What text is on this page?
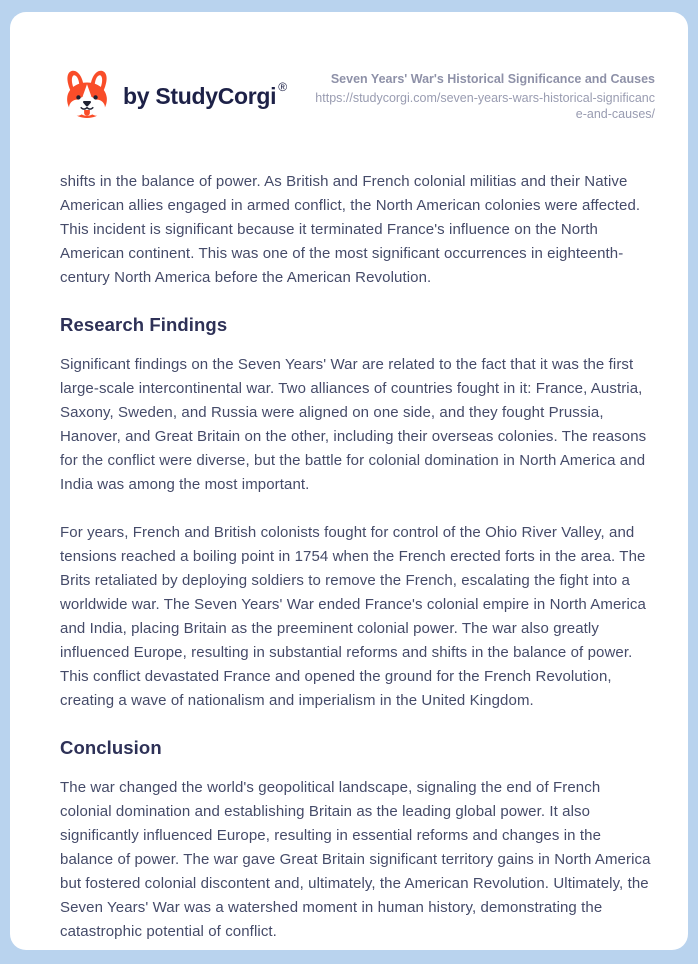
by StudyCorgi ®
Seven Years' War's Historical Significance and Causes
https://studycorgi.com/seven-years-wars-historical-significance-and-causes/

shifts in the balance of power. As British and French colonial militias and their Native American allies engaged in armed conflict, the North American colonies were affected. This incident is significant because it terminated France's influence on the North American continent. This was one of the most significant occurrences in eighteenth-century North America before the American Revolution.

Research Findings

Significant findings on the Seven Years' War are related to the fact that it was the first large-scale intercontinental war. Two alliances of countries fought in it: France, Austria, Saxony, Sweden, and Russia were aligned on one side, and they fought Prussia, Hanover, and Great Britain on the other, including their overseas colonies. The reasons for the conflict were diverse, but the battle for colonial domination in North America and India was among the most important.

For years, French and British colonists fought for control of the Ohio River Valley, and tensions reached a boiling point in 1754 when the French erected forts in the area. The Brits retaliated by deploying soldiers to remove the French, escalating the fight into a worldwide war. The Seven Years' War ended France's colonial empire in North America and India, placing Britain as the preeminent colonial power. The war also greatly influenced Europe, resulting in substantial reforms and shifts in the balance of power. This conflict devastated France and opened the ground for the French Revolution, creating a wave of nationalism and imperialism in the United Kingdom.

Conclusion

The war changed the world's geopolitical landscape, signaling the end of French colonial domination and establishing Britain as the leading global power. It also significantly influenced Europe, resulting in essential reforms and changes in the balance of power. The war gave Great Britain significant territory gains in North America but fostered colonial discontent and, ultimately, the American Revolution. Ultimately, the Seven Years' War was a watershed moment in human history, demonstrating the catastrophic potential of conflict.
